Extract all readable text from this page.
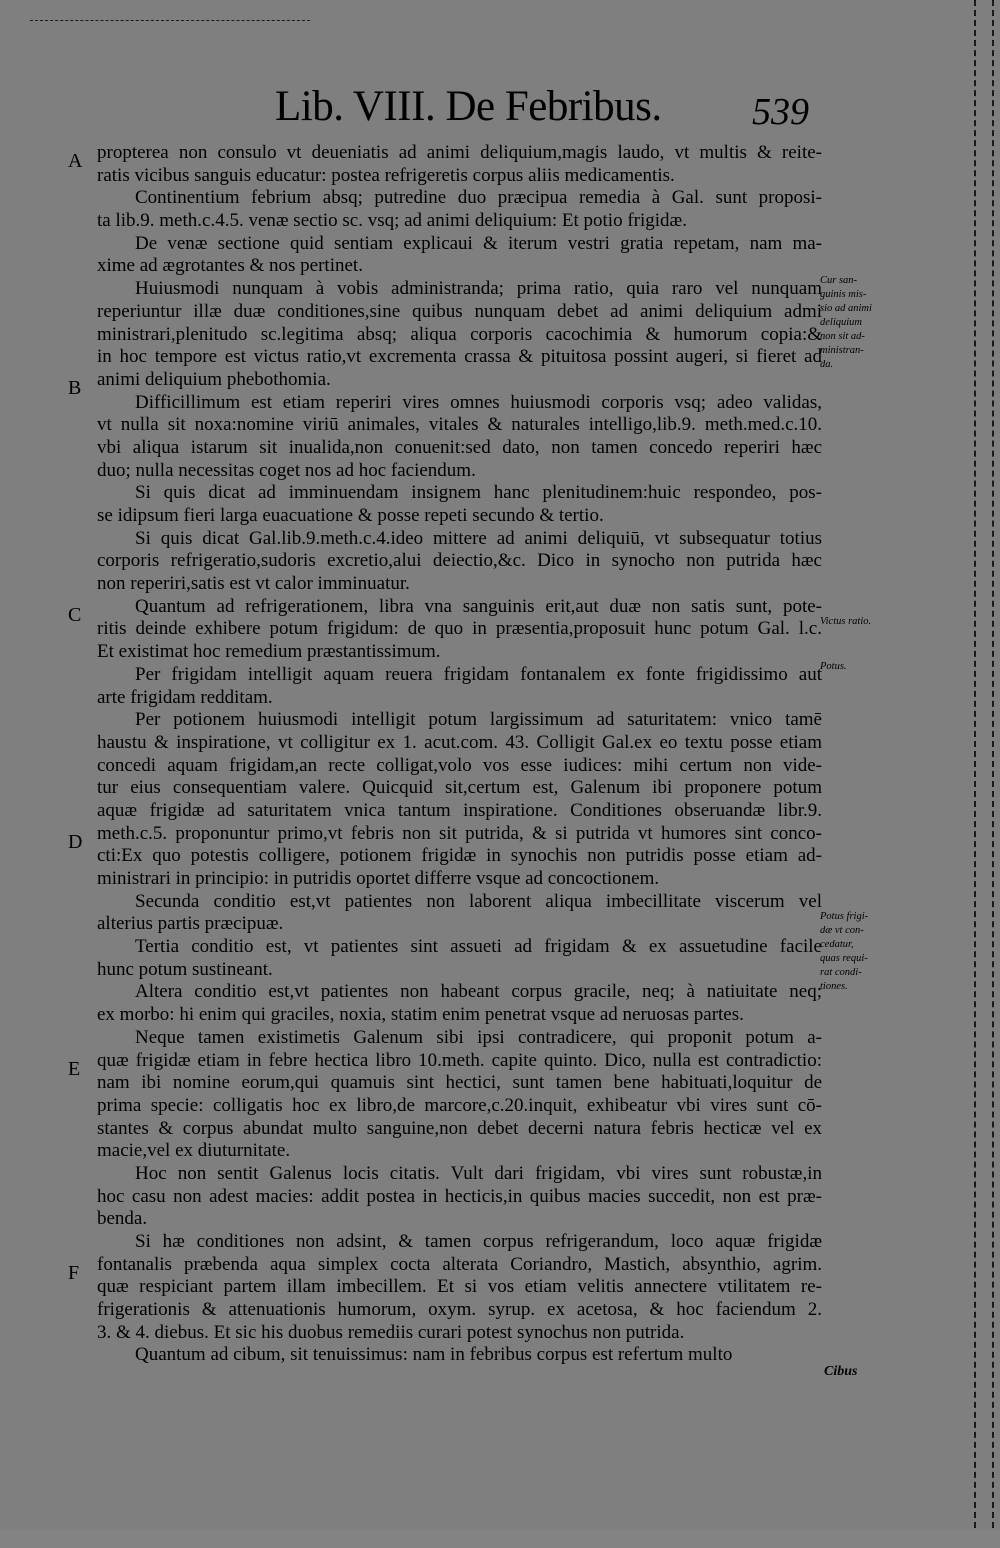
Lib. VIII. De Febribus. 539
propterea non consulo vt deueniatis ad animi deliquium,magis laudo, vt multis & reite-
ratis vicibus sanguis educatur: postea refrigeretis corpus aliis medicamentis.
Continentium febrium absq; putredine duo præcipua remedia à Gal. sunt proposi-
ta lib.9. meth.c.4.5. venæ sectio sc. vsq; ad animi deliquium: Et potio frigidæ.
De venæ sectione quid sentiam explicaui & iterum vestri gratia repetam, nam ma-
xime ad ægrotantes & nos pertinet.
Huiusmodi nunquam à vobis administranda; prima ratio, quia raro vel nunquam
reperiuntur illæ duæ conditiones,sine quibus nunquam debet ad animi deliquium admi
ministrari,plenitudo sc.legitima absq; aliqua corporis cacochimia & humorum copia:&
in hoc tempore est victus ratio,vt excrementa crassa & pituitosa possint augeri, si fieret ad
animi deliquium phebothomia.
Difficillimum est etiam reperiri vires omnes huiusmodi corporis vsq; adeo validas,
vt nulla sit noxa:nomine viriū animales, vitales & naturales intelligo,lib.9. meth.med.c.10.
vbi aliqua istarum sit inualida,non conuenit:sed dato, non tamen concedo reperiri hæc
duo; nulla necessitas coget nos ad hoc faciendum.
Si quis dicat ad imminuendam insignem hanc plenitudinem:huic respondeo, pos-
se idipsum fieri larga euacuatione & posse repeti secundo & tertio.
Si quis dicat Gal.lib.9.meth.c.4.ideo mittere ad animi deliquiū, vt subsequatur totius
corporis refrigeratio,sudoris excretio,alui deiectio,&c. Dico in synocho non putrida hæc
non reperiri,satis est vt calor imminuatur.
Quantum ad refrigerationem, libra vna sanguinis erit,aut duæ non satis sunt, pote-
ritis deinde exhibere potum frigidum: de quo in præsentia,proposuit hunc potum Gal. l.c.
Et existimat hoc remedium præstantissimum.
Per frigidam intelligit aquam reuera frigidam fontanalem ex fonte frigidissimo aut
arte frigidam redditam.
Per potionem huiusmodi intelligit potum largissimum ad saturitatem: vnico tamē
haustu & inspiratione, vt colligitur ex 1. acut.com. 43. Colligit Gal.ex eo textu posse etiam
concedi aquam frigidam,an recte colligat,volo vos esse iudices: mihi certum non vide-
tur eius consequentiam valere. Quicquid sit,certum est, Galenum ibi proponere potum
aquæ frigidæ ad saturitatem vnica tantum inspiratione. Conditiones obseruandæ libr.9.
meth.c.5. proponuntur primo,vt febris non sit putrida, & si putrida vt humores sint conco-
cti:Ex quo potestis colligere, potionem frigidæ in synochis non putridis posse etiam ad-
ministrari in principio: in putridis oportet differre vsque ad concoctionem.
Secunda conditio est,vt patientes non laborent aliqua imbecillitate viscerum vel
alterius partis præcipuæ.
Tertia conditio est, vt patientes sint assueti ad frigidam & ex assuetudine facile
hunc potum sustineant.
Altera conditio est,vt patientes non habeant corpus gracile, neq; à natiuitate neq;
ex morbo: hi enim qui graciles, noxia, statim enim penetrat vsque ad neruosas partes.
Neque tamen existimetis Galenum sibi ipsi contradicere, qui proponit potum a-
quæ frigidæ etiam in febre hectica libro 10.meth. capite quinto. Dico, nulla est contradictio:
nam ibi nomine eorum,qui quamuis sint hectici, sunt tamen bene habituati,loquitur de
prima specie: colligatis hoc ex libro,de marcore,c.20.inquit, exhibeatur vbi vires sunt cō-
stantes & corpus abundat multo sanguine,non debet decerni natura febris hecticæ vel ex
macie,vel ex diuturnitate.
Hoc non sentit Galenus locis citatis. Vult dari frigidam, vbi vires sunt robustæ,in
hoc casu non adest macies: addit postea in hecticis,in quibus macies succedit, non est præ-
benda.
Si hæ conditiones non adsint, & tamen corpus refrigerandum, loco aquæ frigidæ
fontanalis præbenda aqua simplex cocta alterata Coriandro, Mastich, absynthio, agrim.
quæ respiciant partem illam imbecillem. Et si vos etiam velitis annectere vtilitatem re-
frigerationis & attenuationis humorum, oxym. syrup. ex acetosa, & hoc faciendum 2.
3. & 4. diebus. Et sic his duobus remediis curari potest synochus non putrida.
Quantum ad cibum, sit tenuissimus: nam in febribus corpus est refertum multo
A
B
C
D
E
F
Cur san-
guinis mis-
sio ad animi
deliquium
non sit ad-
ministran-
da.
Victus ratio.
Potus.
Potus frigi-
dæ vt con-
cedatur,
quas requi-
rat condi-
tiones.
Cibus
